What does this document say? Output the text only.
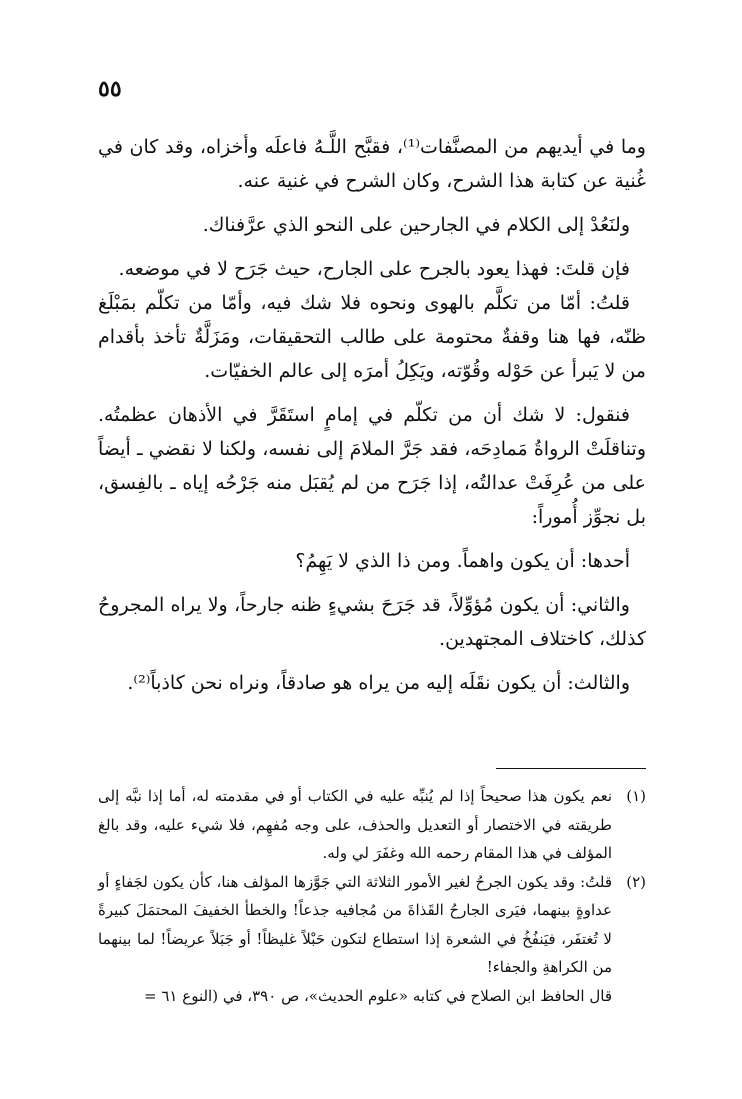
٥٥

وما في أيديهم من المصنَّفات⁽¹⁾، فقبَّح اللَّـهُ فاعلَه وأخزاه، وقد كان في غُنية عن كتابة هذا الشرح، وكان الشرح في غنية عنه.

ولنَعُدْ إلى الكلام في الجارحين على النحو الذي عرَّفناك.

فإن قلتَ: فهذا يعود بالجرح على الجارح، حيث جَرَح لا في موضعه.

قلتُ: أمّا من تكلَّم بالهوى ونحوه فلا شك فيه، وأمّا من تكلّم بمَبْلَغ ظنّه، فها هنا وقفةٌ محتومة على طالب التحقيقات، ومَزَلَّةٌ تأخذ بأقدام من لا يَبرأ عن حَوْله وقُوّته، ويَكِلُ أمرَه إلى عالم الخفيّات.

فنقول: لا شك أن من تكلّم في إمامٍ استَقَرَّ في الأذهان عظمتُه. وتناقلَتْ الرواةُ مَمادِحَه، فقد جَرَّ الملامَ إلى نفسه، ولكنا لا نقضي ـ أيضاً على من عُرِفَتْ عدالتُه، إذا جَرَح من لم يُقبَل منه جَرْحُه إياه ـ بالفِسق، بل نجوِّز أُموراً:

أحدها: أن يكون واهماً. ومن ذا الذي لا يَهِمُ؟

والثاني: أن يكون مُؤوِّلاً، قد جَرَحَ بشيءٍ ظنه جارحاً، ولا يراه المجروحُ كذلك، كاختلاف المجتهدين.

والثالث: أن يكون نقَلَه إليه من يراه هو صادقاً، ونراه نحن كاذباً⁽²⁾.

(١)
نعم يكون هذا صحيحاً إذا لم يُنبِّه عليه في الكتاب أو في مقدمته له، أما إذا نبَّه إلى طريقته في الاختصار أو التعديل والحذف، على وجه مُفهِم، فلا شيء عليه، وقد بالغ المؤلف في هذا المقام رحمه الله وغفَرَ لي وله.
(٢)
قلتُ: وقد يكون الجرحُ لغير الأمور الثلاثة التي جَوَّزها المؤلف هنا، كأن يكون لجَفاءٍ أو عداوةٍ بينهما، فيَرى الجارحُ القَذاةَ من مُجافيه جذعاً! والخطأ الخفيفَ المحتمَلَ كبيرةً لا تُغتفَر، فيَنفُخُ في الشعرة إذا استطاع لتكون حَبْلاً غليظاً! أو جَبَلاً عريضاً! لما بينهما من الكراهةِ والجفاء!

قال الحافظ ابن الصلاح في كتابه «علوم الحديث»، ص ٣٩٠، في (النوع ٦١ =
